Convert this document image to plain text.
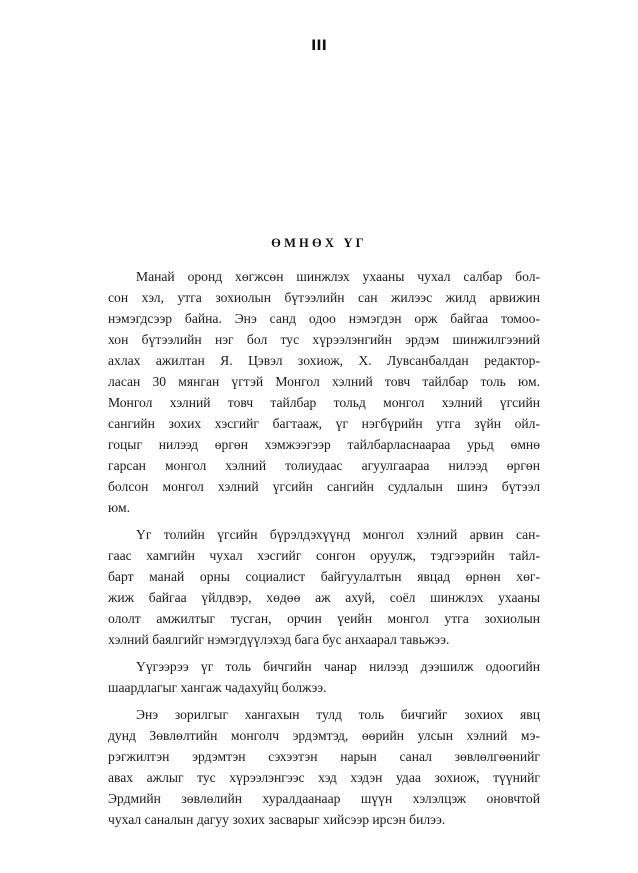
III
ӨМНӨХ ҮГ
Манай оронд хөгжсөн шинжлэх ухааны чухал салбар бол-
сон хэл, утга зохиолын бүтээлийн сан жилээс жилд арвижин
нэмэгдсээр байна. Энэ санд одоо нэмэгдэн орж байгаа томоо-
хон бүтээлийн нэг бол тус хүрээлэнгийн эрдэм шинжилгээний
ахлах ажилтан Я. Цэвэл зохиож, Х. Лувсанбалдан редактор-
ласан 30 мянган үгтэй Монгол хэлний товч тайлбар толь юм.
Монгол хэлний товч тайлбар тольд монгол хэлний үгсийн
сангийн зохих хэсгийг багтааж, үг нэгбүрийн утга зүйн ойл-
гоцыг нилээд өргөн хэмжээгээр тайлбарласнаараа урьд өмнө
гарсан монгол хэлний толиудаас агуулгаараа нилээд өргөн
болсон монгол хэлний үгсийн сангийн судлалын шинэ бүтээл
юм.
Үг толийн үгсийн бүрэлдэхүүнд монгол хэлний арвин сан-
гаас хамгийн чухал хэсгийг сонгон оруулж, тэдгээрийн тайл-
барт манай орны социалист байгуулалтын явцад өрнөн хөг-
жиж байгаа үйлдвэр, хөдөө аж ахуй, соёл шинжлэх ухааны
ололт амжилтыг тусган, орчин үеийн монгол утга зохиолын
хэлний баялгийг нэмэгдүүлэхэд бага бус анхаарал тавьжээ.
Үүгээрээ үг толь бичгийн чанар нилээд дээшилж одоогийн
шаардлагыг хангаж чадахуйц болжээ.
Энэ зорилгыг хангахын тулд толь бичгийг зохиох явц
дунд Зөвлөлтийн монголч эрдэмтэд, өөрийн улсын хэлний мэ-
рэгжилтэн эрдэмтэн сэхээтэн нарын санал зөвлөлгөөнийг
авах ажлыг тус хүрээлэнгээс хэд хэдэн удаа зохиож, түүнийг
Эрдмийн зөвлөлийн хуралдаанаар шүүн хэлэлцэж оновчтой
чухал саналын дагуу зохих засварыг хийсээр ирсэн билээ.
